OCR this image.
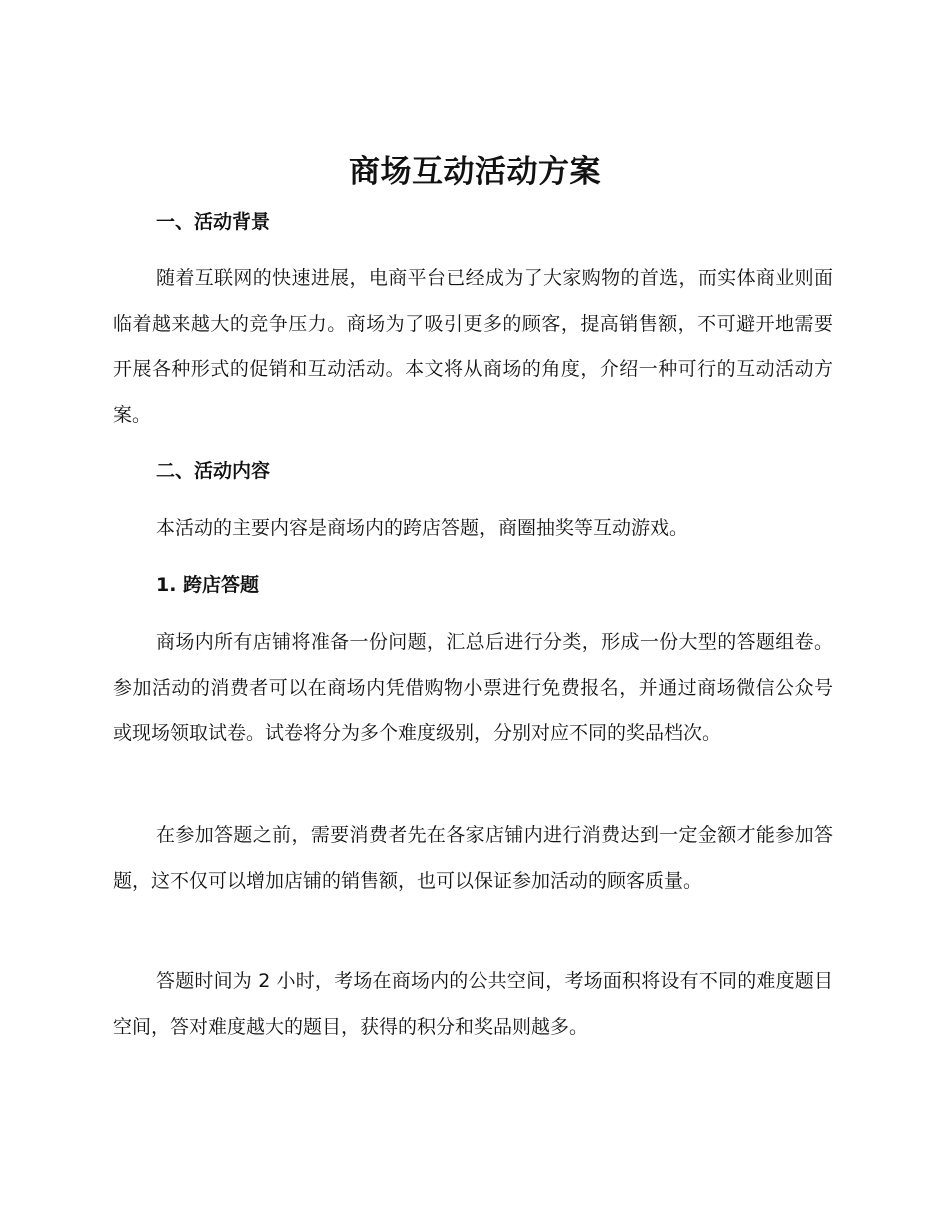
商场互动活动方案
一、活动背景

随着互联网的快速进展，电商平台已经成为了大家购物的首选，而实体商业则面临着越来越大的竞争压力。商场为了吸引更多的顾客，提高销售额，不可避开地需要开展各种形式的促销和互动活动。本文将从商场的角度，介绍一种可行的互动活动方案。

二、活动内容

本活动的主要内容是商场内的跨店答题，商圈抽奖等互动游戏。

1. 跨店答题

商场内所有店铺将准备一份问题，汇总后进行分类，形成一份大型的答题组卷。参加活动的消费者可以在商场内凭借购物小票进行免费报名，并通过商场微信公众号或现场领取试卷。试卷将分为多个难度级别，分别对应不同的奖品档次。

在参加答题之前，需要消费者先在各家店铺内进行消费达到一定金额才能参加答题，这不仅可以增加店铺的销售额，也可以保证参加活动的顾客质量。

答题时间为 2 小时，考场在商场内的公共空间，考场面积将设有不同的难度题目空间，答对难度越大的题目，获得的积分和奖品则越多。
